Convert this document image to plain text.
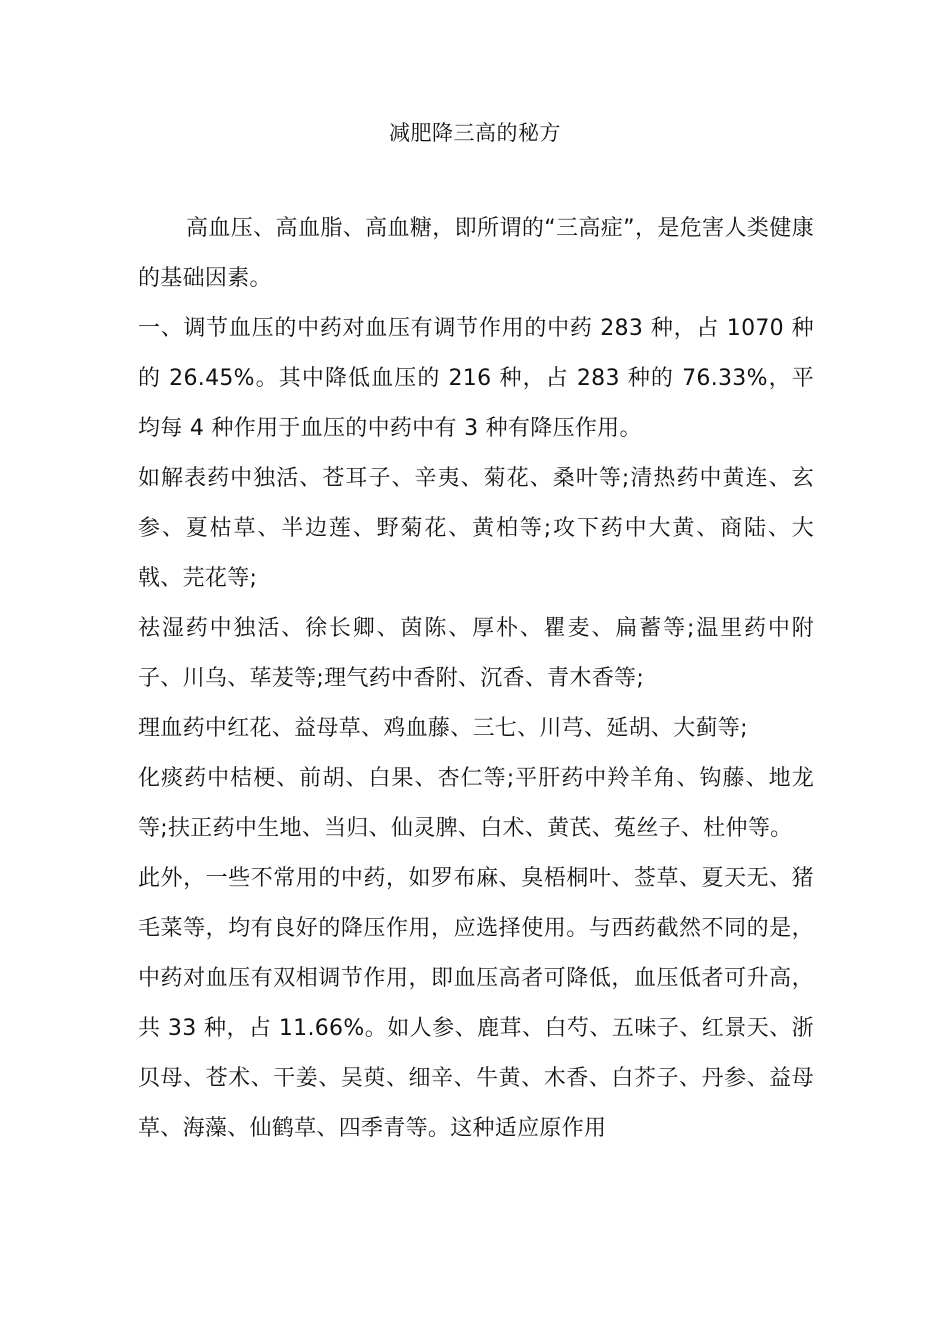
减肥降三高的秘方

高血压、高血脂、高血糖，即所谓的“三高症”，是危害人类健康的基础因素。

一、调节血压的中药对血压有调节作用的中药 283 种，占 1070 种的 26.45%。其中降低血压的 216 种，占 283 种的 76.33%，平均每 4 种作用于血压的中药中有 3 种有降压作用。

如解表药中独活、苍耳子、辛夷、菊花、桑叶等;清热药中黄连、玄参、夏枯草、半边莲、野菊花、黄柏等;攻下药中大黄、商陆、大戟、芫花等;

祛湿药中独活、徐长卿、茵陈、厚朴、瞿麦、扁蓄等;温里药中附子、川乌、荜茇等;理气药中香附、沉香、青木香等;

理血药中红花、益母草、鸡血藤、三七、川芎、延胡、大蓟等;

化痰药中桔梗、前胡、白果、杏仁等;平肝药中羚羊角、钩藤、地龙等;扶正药中生地、当归、仙灵脾、白术、黄芪、菟丝子、杜仲等。

此外，一些不常用的中药，如罗布麻、臭梧桐叶、莶草、夏天无、猪毛菜等，均有良好的降压作用，应选择使用。与西药截然不同的是，中药对血压有双相调节作用，即血压高者可降低，血压低者可升高，共 33 种，占 11.66%。如人参、鹿茸、白芍、五味子、红景天、浙贝母、苍术、干姜、吴萸、细辛、牛黄、木香、白芥子、丹参、益母草、海藻、仙鹤草、四季青等。这种适应原作用
